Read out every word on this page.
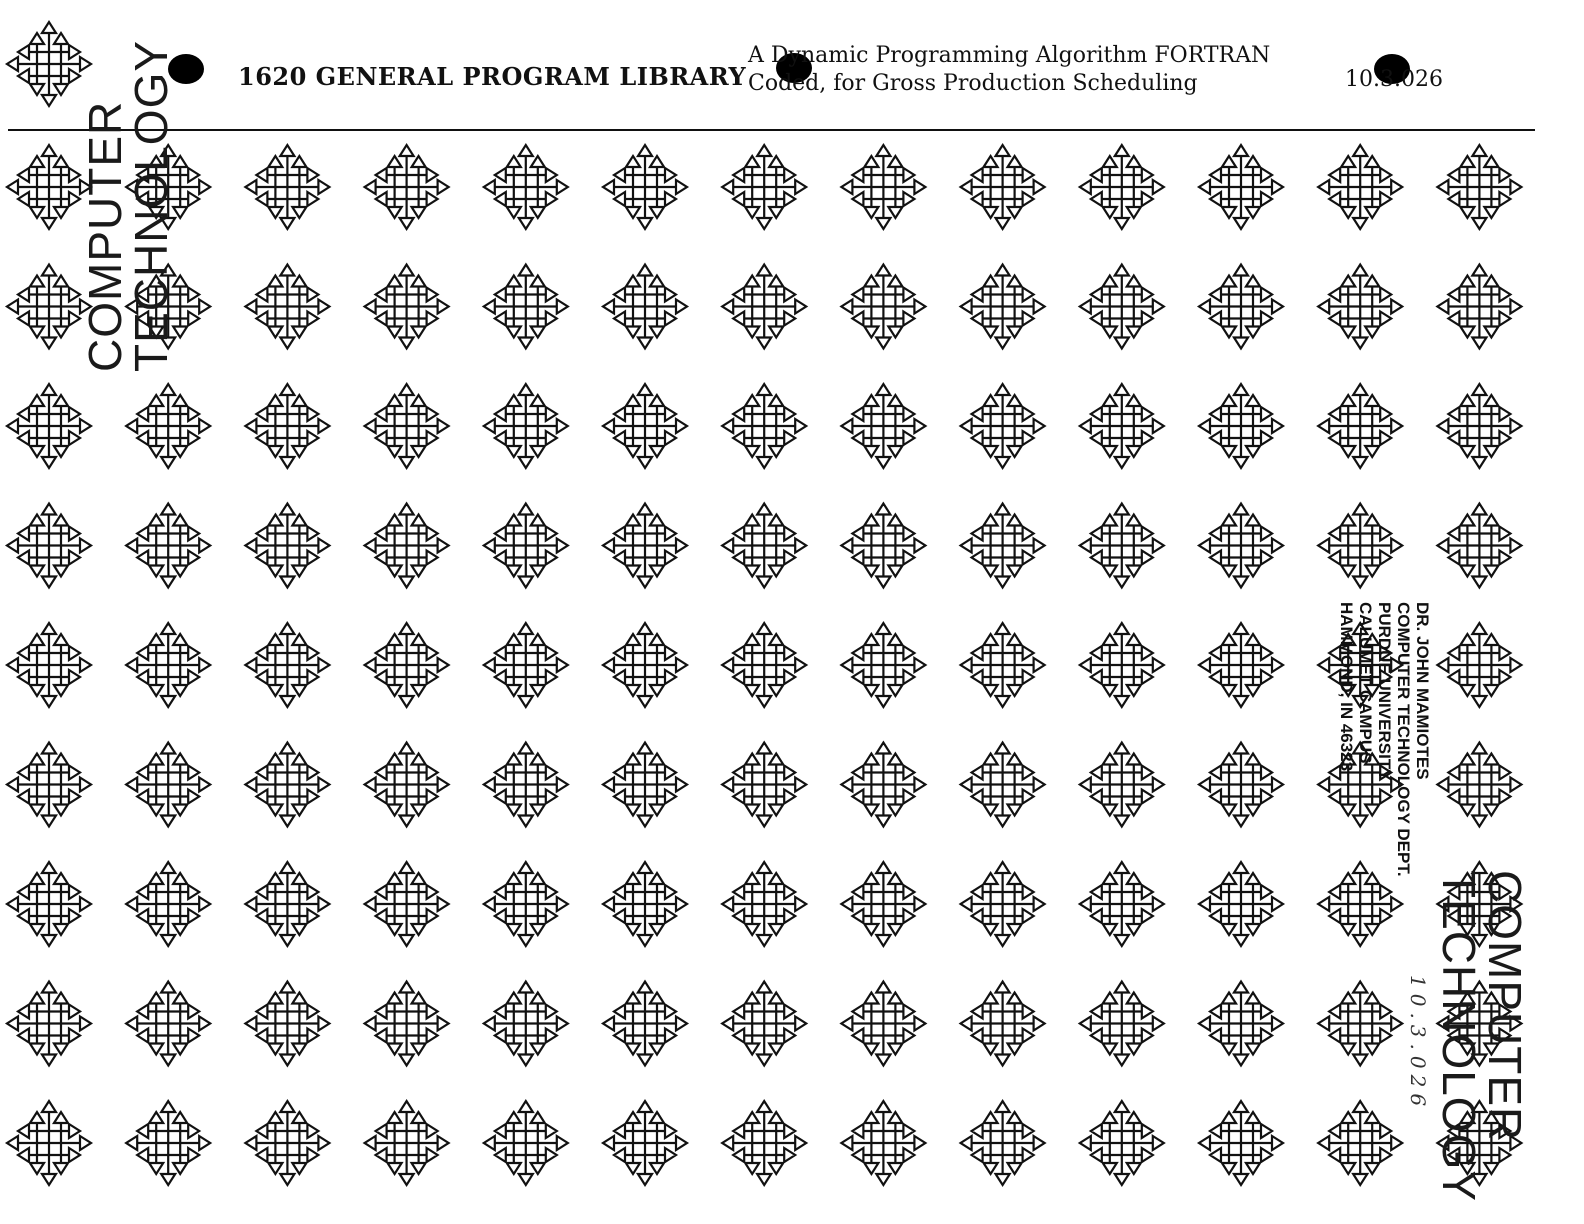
1620 GENERAL PROGRAM LIBRARY
A Dynamic Programming Algorithm FORTRAN
Coded, for Gross Production Scheduling	10.3.026
COMPUTER
TECHNOLOGY
COMPUTER
TECHNOLOGY
DR. JOHN MAMIOTES
COMPUTER TECHNOLOGY DEPT.
PURDUE UNIVERSITY
CALUMET CAMPUS
HAMMOND, IN 46323
10.3.026
